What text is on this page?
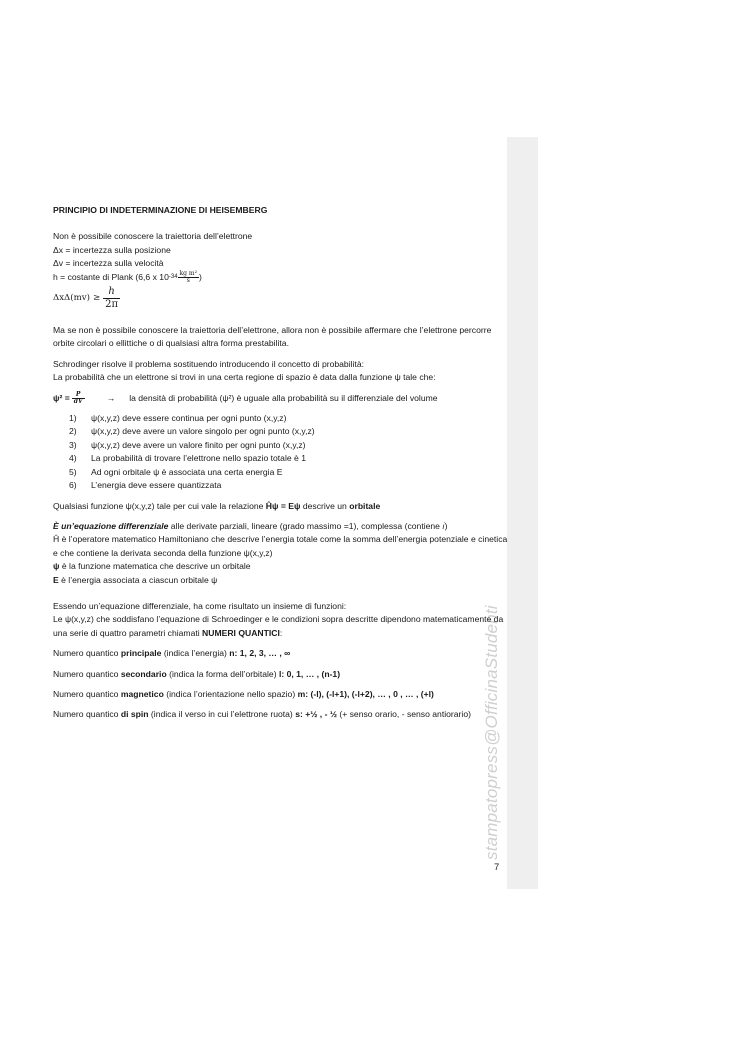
stampatopress@OfficinaStudenti
7

PRINCIPIO DI INDETERMINAZIONE DI HEISEMBERG

Non è possibile conoscere la traiettoria dell’elettrone

Δx = incertezza sulla posizione

Δv = incertezza sulla velocità

h = costante di Plank (6,6 x 10 $-34 \frac{\text{kg m²}}{s}$ )

$\Delta x\Delta(mv) \ge \frac{h}{2\pi}$

Ma se non è possibile conoscere la traiettoria dell’elettrone, allora non è possibile affermare che l’elettrone percorre orbite circolari o ellittiche o di qualsiasi altra forma prestabilita.

Schrodinger risolve il problema sostituendo introducendo il concetto di probabilità:

La probabilità che un elettrone si trovi in una certa regione di spazio è data dalla funzione ψ tale che:

$\psi^2 = \frac{P}{dV}$	→ la densità di probabilità (ψ²) è uguale alla probabilità su il differenziale del volume

1)	ψ(x,y,z) deve essere continua per ogni punto (x,y,z)
2)	ψ(x,y,z) deve avere un valore singolo per ogni punto (x,y,z)
3)	ψ(x,y,z) deve avere un valore finito per ogni punto (x,y,z)
4)	La probabilità di trovare l’elettrone nello spazio totale è 1
5)	Ad ogni orbitale ψ è associata una certa energia E
6)	L’energia deve essere quantizzata

Qualsiasi funzione ψ(x,y,z) tale per cui vale la relazione Ĥψ = Eψ descrive un orbitale

È un’equazione differenziale alle derivate parziali, lineare (grado massimo =1), complessa (contiene 𝑖)

Ĥ è l’operatore matematico Hamiltoniano che descrive l’energia totale come la somma dell’energia potenziale e cinetica e che contiene la derivata seconda della funzione ψ(x,y,z)

ψ è la funzione matematica che descrive un orbitale

E è l’energia associata a ciascun orbitale ψ

Essendo un’equazione differenziale, ha come risultato un insieme di funzioni:

Le ψ(x,y,z) che soddisfano l’equazione di Schroedinger e le condizioni sopra descritte dipendono matematicamente da una serie di quattro parametri chiamati NUMERI QUANTICI:

Numero quantico principale (indica l’energia) n: 1, 2, 3, … , ∞

Numero quantico secondario (indica la forma dell’orbitale) l: 0, 1, … , (n-1)

Numero quantico magnetico (indica l’orientazione nello spazio) m: (-l), (-l+1), (-l+2), … , 0 , … , (+l)

Numero quantico di spin (indica il verso in cui l’elettrone ruota) s: +½ , - ½ (+ senso orario, - senso antiorario)
